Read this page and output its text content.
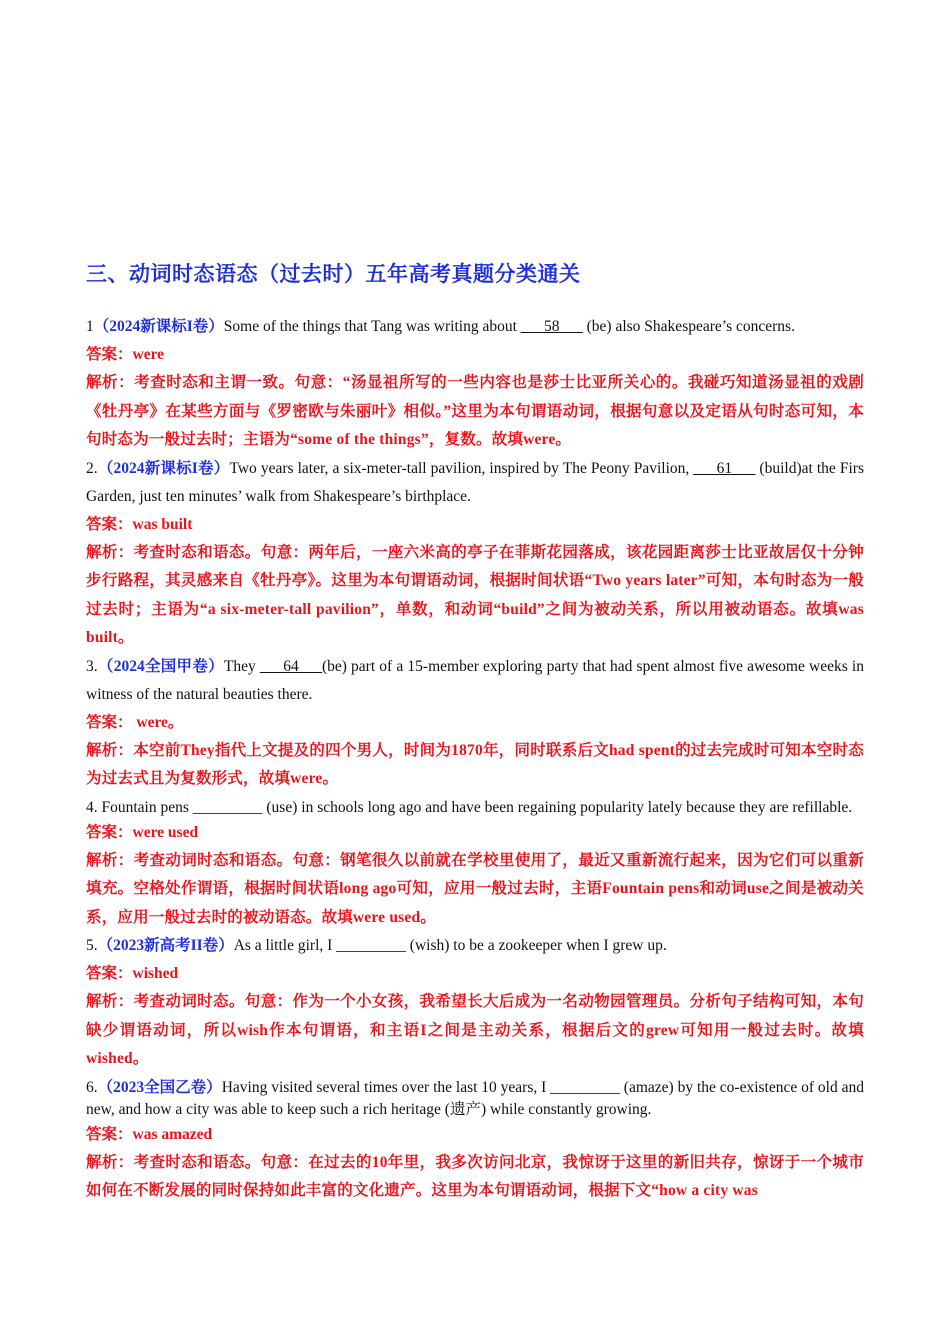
三、动词时态语态（过去时）五年高考真题分类通关
1（2024新课标I卷）Some of the things that Tang was writing about ___58___ (be) also Shakespeare’s concerns.
答案：were
解析：考查时态和主谓一致。句意：“汤显祖所写的一些内容也是莎士比亚所关心的。我碰巧知道汤显祖的戏剧《牡丹亭》在某些方面与《罗密欧与朱丽叶》相似。”这里为本句谓语动词，根据句意以及定语从句时态可知，本句时态为一般过去时；主语为“some of the things”，复数。故填were。
2.（2024新课标I卷）Two years later, a six-meter-tall pavilion, inspired by The Peony Pavilion, ___61___ (build)at the Firs Garden, just ten minutes’ walk from Shakespeare’s birthplace.
答案：was built
解析：考查时态和语态。句意：两年后，一座六米高的亭子在菲斯花园落成，该花园距离莎士比亚故居仅十分钟步行路程，其灵感来自《牡丹亭》。这里为本句谓语动词，根据时间状语“Two years later”可知，本句时态为一般过去时；主语为“a six-meter-tall pavilion”，单数，和动词“build”之间为被动关系，所以用被动语态。故填was built。
3.（2024全国甲卷）They ___64___(be) part of a 15-member exploring party that had spent almost five awesome weeks in witness of the natural beauties there.
答案： were。
解析：本空前They指代上文提及的四个男人，时间为1870年，同时联系后文had spent的过去完成时可知本空时态为过去式且为复数形式，故填were。
4. Fountain pens _________ (use) in schools long ago and have been regaining popularity lately because they are refillable.
答案：were used
解析：考查动词时态和语态。句意：钢笔很久以前就在学校里使用了，最近又重新流行起来，因为它们可以重新填充。空格处作谓语，根据时间状语long ago可知，应用一般过去时，主语Fountain pens和动词use之间是被动关系，应用一般过去时的被动语态。故填were used。
5.（2023新高考II卷）As a little girl, I _________ (wish) to be a zookeeper when I grew up.
答案：wished
解析：考查动词时态。句意：作为一个小女孩，我希望长大后成为一名动物园管理员。分析句子结构可知，本句缺少谓语动词，所以wish作本句谓语，和主语I之间是主动关系，根据后文的grew可知用一般过去时。故填wished。
6.（2023全国乙卷）Having visited several times over the last 10 years, I _________ (amaze) by the co-existence of old and new, and how a city was able to keep such a rich heritage (遗产) while constantly growing.
答案：was amazed
解析：考查时态和语态。句意：在过去的10年里，我多次访问北京，我惊讶于这里的新旧共存，惊讶于一个城市如何在不断发展的同时保持如此丰富的文化遗产。这里为本句谓语动词，根据下文“how a city was
